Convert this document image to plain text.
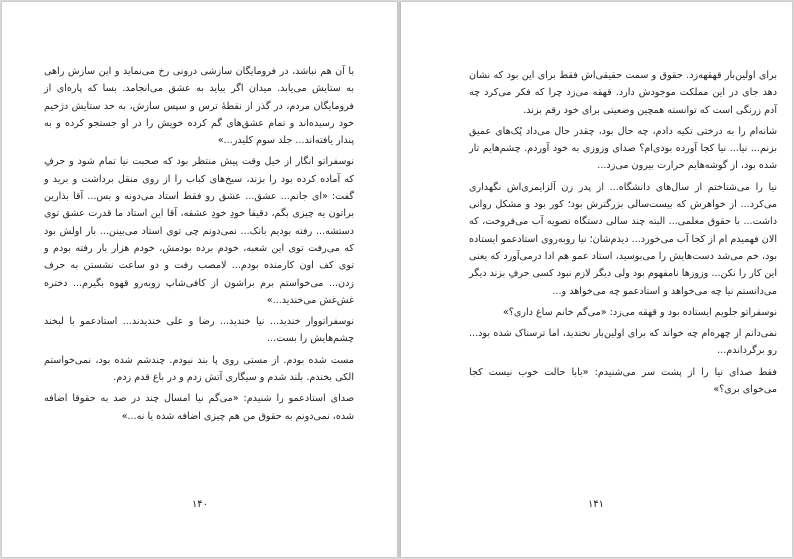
با آن هم نباشد، در فرومایگان سازشی درونی رخ می‌نماید و این سازش راهی به ستایش می‌یابد. میدان اگر بیاید به عشق می‌انجامد. بسا که پاره‌ای از فرومایگان مردم، در گذر از نقطهٔ ترس و سپس سازش، به حد ستایش دژخیم خود رسیده‌اند و تمام عشق‌های گم کرده خویش را در او جستجو کرده و به پندار یافته‌اند... جلد سوم کلیدر...»

نوسفراتو انگار از خیل وقت پیش منتظر بود که صحبت نیا تمام شود و حرفِ که آماده کرده بود را بزند، سیخ‌های کباب را از روی منقل برداشت و برید و گفت: «ای جانم... عشق... عشق رو فقط استاد می‌دونه و بس... آقا بذارین براتون یه چیزی بگم، دقیقا خودِ خودِ عشقه، آقا این استاد ما قدرت عشق توی دستشه... رفته بودیم بانک... نمی‌دونم چی توی استاد می‌بینن... بار اولش بود که می‌رفت توی این شعبه، خودم برده بودمش، خودم هزار بار رفته بودم و توی کف اون کارمنده بودم... لامصب رفت و دو ساعت نشستن به حرف زدن... می‌خواستم برم براشون از کافی‌شاپ روبه‌رو قهوه بگیرم... دختره غش‌غش می‌خندید...»

نوسفراتووار خندید... نیا خندید... رضا و علی خندیدند... استادعمو با لبخند چشم‌هایش را بست...

مست شده بودم. از مستی روی پا بند نبودم. چندشم شده بود، نمی‌خواستم الکی بخندم. بلند شدم و سیگاری آتش زدم و در باغ قدم زدم.

صدای استادعمو را شنیدم: «می‌گم نیا امسال چند در صد به حقوقا اضافه شده، نمی‌دونم به حقوق من هم چیزی اضافه شده یا نه...»

۱۴۰

برای اولین‌بار قهقهه‌زد. حقوق و سمت حقیقی‌اش فقط برای این بود که نشان دهد جای در این مملکت موجودش دارد. قهقه می‌زد چرا که فکر می‌کرد چه آدم زرنگی است که توانسته همچین وضعیتی برای خود رقم بزند.

شانه‌ام را به درختی تکیه دادم، چه حال بود، چقدر حال می‌داد پُک‌های عمیق بزنم... نیا... نیا کجا آورده بودی‌ام؟ صدای وزوزی به خود آوردم. چشم‌هایم تار شده بود، از گوشه‌هایم حرارت بیرون می‌زد...

نیا را می‌شناختم از سال‌های دانشگاه... از پدر زن آلزایمری‌اش نگهداری می‌کرد... از خواهرش که بیست‌سالی بزرگترش بود؛ کور بود و مشکل روانی داشت... با حقوق معلمی... البته چند سالی دستگاه تصویه آب می‌فروخت، که الان فهمیدم ام از کجا آب می‌خورد... دیدم‌شان؛ نیا روبه‌روی استادعمو ایستاده بود، خم می‌شد دست‌هایش را می‌بوسید، استاد عمو هم ادا درمی‌آورد که یعنی این کار را نکن... وزوزها نامفهوم بود ولی دیگر لازم نبود کسی حرفِ بزند دیگر می‌دانستم نیا چه می‌خواهد و استادعمو چه می‌خواهد و...

نوسفراتو جلویم ایستاده بود و قهقه می‌زد: «می‌گم خانم ساغ داری؟»

نمی‌دانم از چهره‌ام چه خواند که برای اولین‌بار نخندید، اما ترسناک شده بود... رو برگرداندم...

فقط صدای نیا را از پشت سر می‌شنیدم: «بابا حالت خوب نیست کجا می‌خوای بری؟»

۱۴۱
